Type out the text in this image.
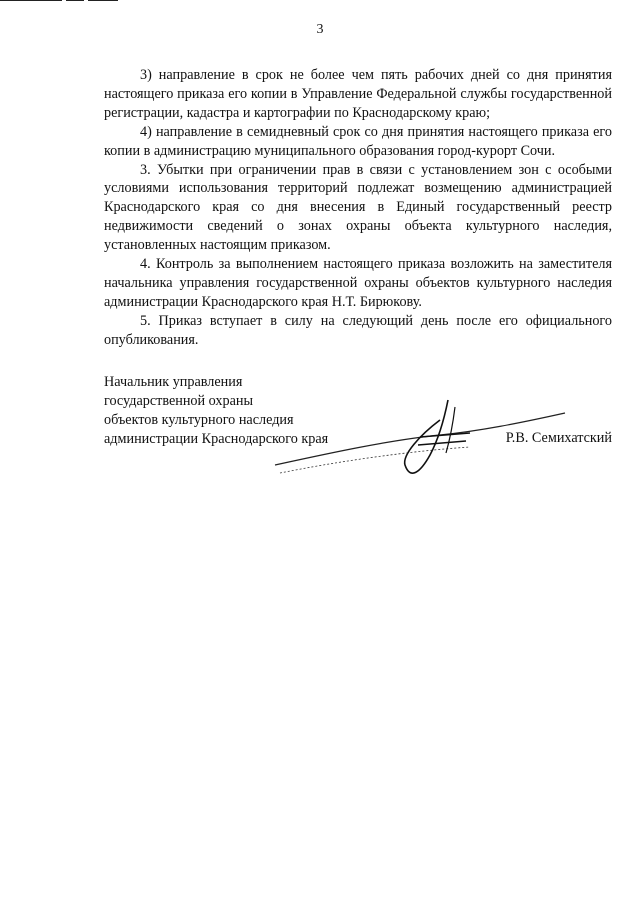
3

3) направление в срок не более чем пять рабочих дней со дня принятия настоящего приказа его копии в Управление Федеральной службы государственной регистрации, кадастра и картографии по Краснодарскому краю;

4) направление в семидневный срок со дня принятия настоящего приказа его копии в администрацию муниципального образования город-курорт Сочи.

3. Убытки при ограничении прав в связи с установлением зон с особыми условиями использования территорий подлежат возмещению администрацией Краснодарского края со дня внесения в Единый государственный реестр недвижимости сведений о зонах охраны объекта культурного наследия, установленных настоящим приказом.

4. Контроль за выполнением настоящего приказа возложить на заместителя начальника управления государственной охраны объектов культурного наследия администрации Краснодарского края Н.Т. Бирюкову.

5. Приказ вступает в силу на следующий день после его официального опубликования.

Начальник управления
государственной охраны
объектов культурного наследия
администрации Краснодарского края	Р.В. Семихатский
